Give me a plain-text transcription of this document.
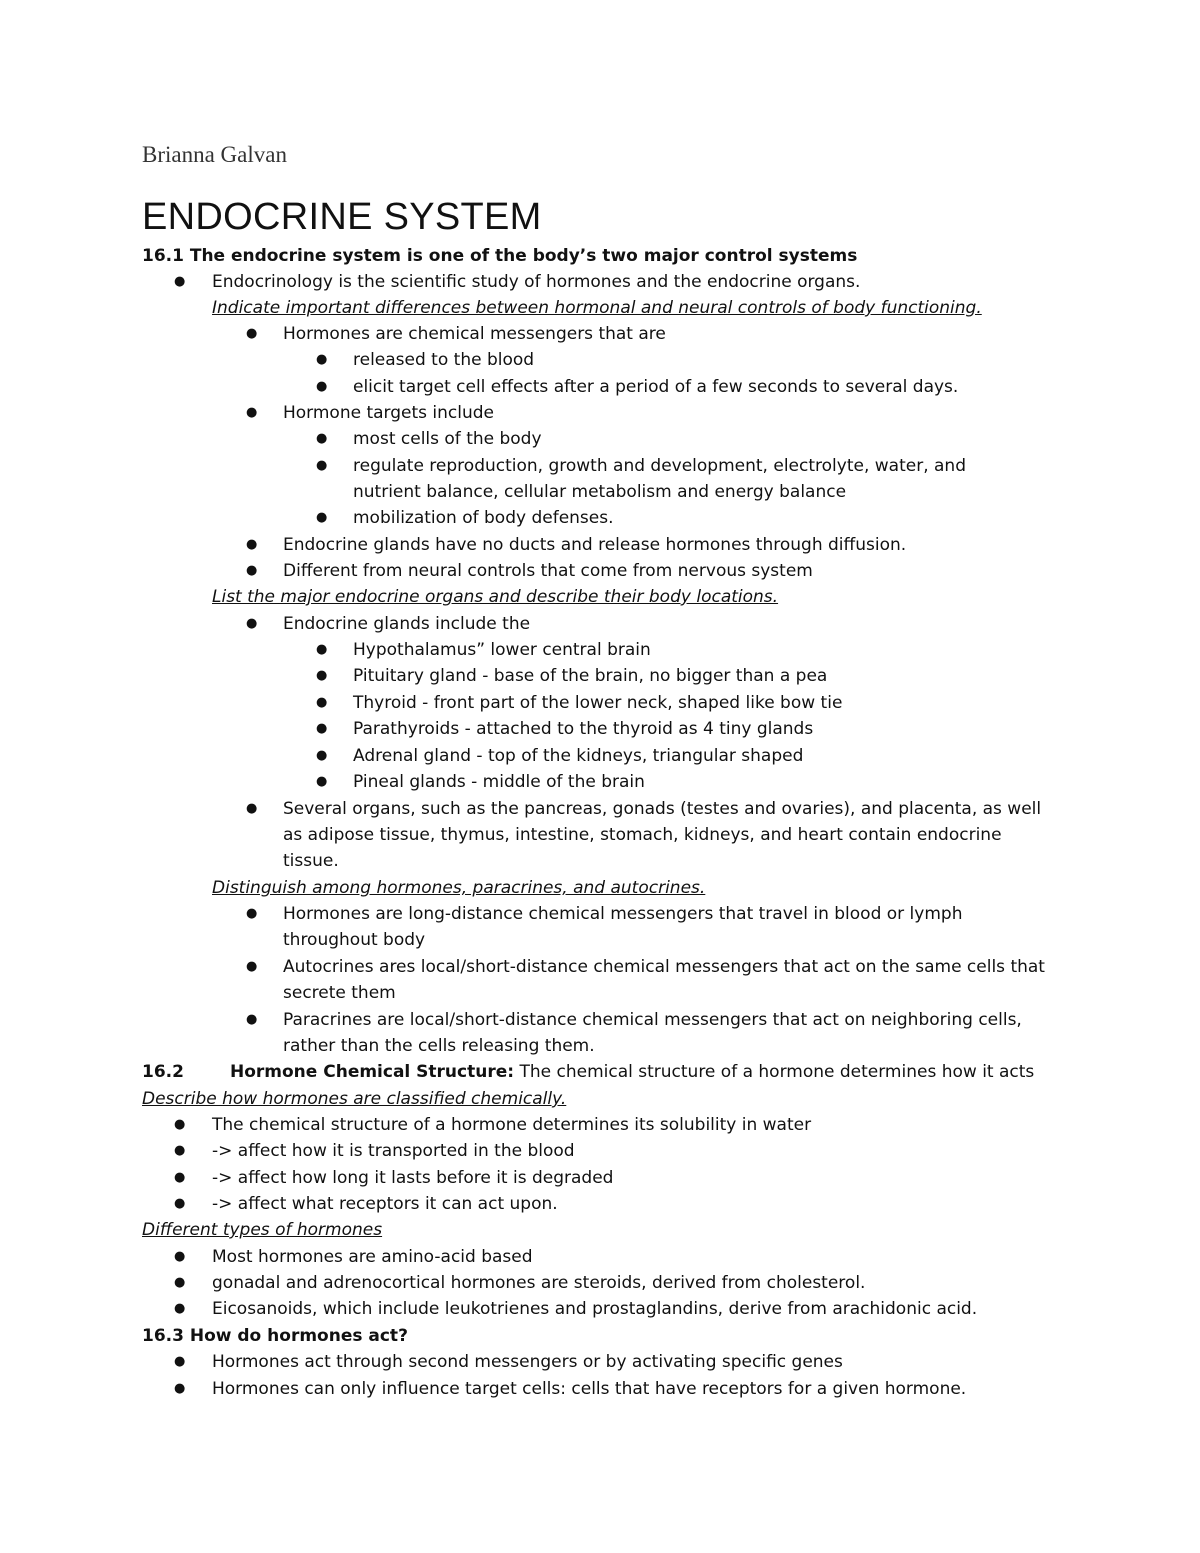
Brianna Galvan
ENDOCRINE SYSTEM
16.1 The endocrine system is one of the body’s two major control systems
● Endocrinology is the scientific study of hormones and the endocrine organs.
Indicate important differences between hormonal and neural controls of body functioning.
● Hormones are chemical messengers that are
● released to the blood
● elicit target cell effects after a period of a few seconds to several days.
● Hormone targets include
● most cells of the body
● regulate reproduction, growth and development, electrolyte, water, and
nutrient balance, cellular metabolism and energy balance
● mobilization of body defenses.
● Endocrine glands have no ducts and release hormones through diffusion.
● Different from neural controls that come from nervous system
List the major endocrine organs and describe their body locations.
● Endocrine glands include the
● Hypothalamus” lower central brain
● Pituitary gland - base of the brain, no bigger than a pea
● Thyroid - front part of the lower neck, shaped like bow tie
● Parathyroids - attached to the thyroid as 4 tiny glands
● Adrenal gland - top of the kidneys, triangular shaped
● Pineal glands - middle of the brain
● Several organs, such as the pancreas, gonads (testes and ovaries), and placenta, as well
as adipose tissue, thymus, intestine, stomach, kidneys, and heart contain endocrine
tissue.
Distinguish among hormones, paracrines, and autocrines.
● Hormones are long-distance chemical messengers that travel in blood or lymph
throughout body
● Autocrines ares local/short-distance chemical messengers that act on the same cells that
secrete them
● Paracrines are local/short-distance chemical messengers that act on neighboring cells,
rather than the cells releasing them.
16.2	Hormone Chemical Structure: The chemical structure of a hormone determines how it acts
Describe how hormones are classified chemically.
● The chemical structure of a hormone determines its solubility in water
● -> affect how it is transported in the blood
● -> affect how long it lasts before it is degraded
● -> affect what receptors it can act upon.
Different types of hormones
● Most hormones are amino-acid based
● gonadal and adrenocortical hormones are steroids, derived from cholesterol.
● Eicosanoids, which include leukotrienes and prostaglandins, derive from arachidonic acid.
16.3 How do hormones act?
● Hormones act through second messengers or by activating specific genes
● Hormones can only influence target cells: cells that have receptors for a given hormone.
